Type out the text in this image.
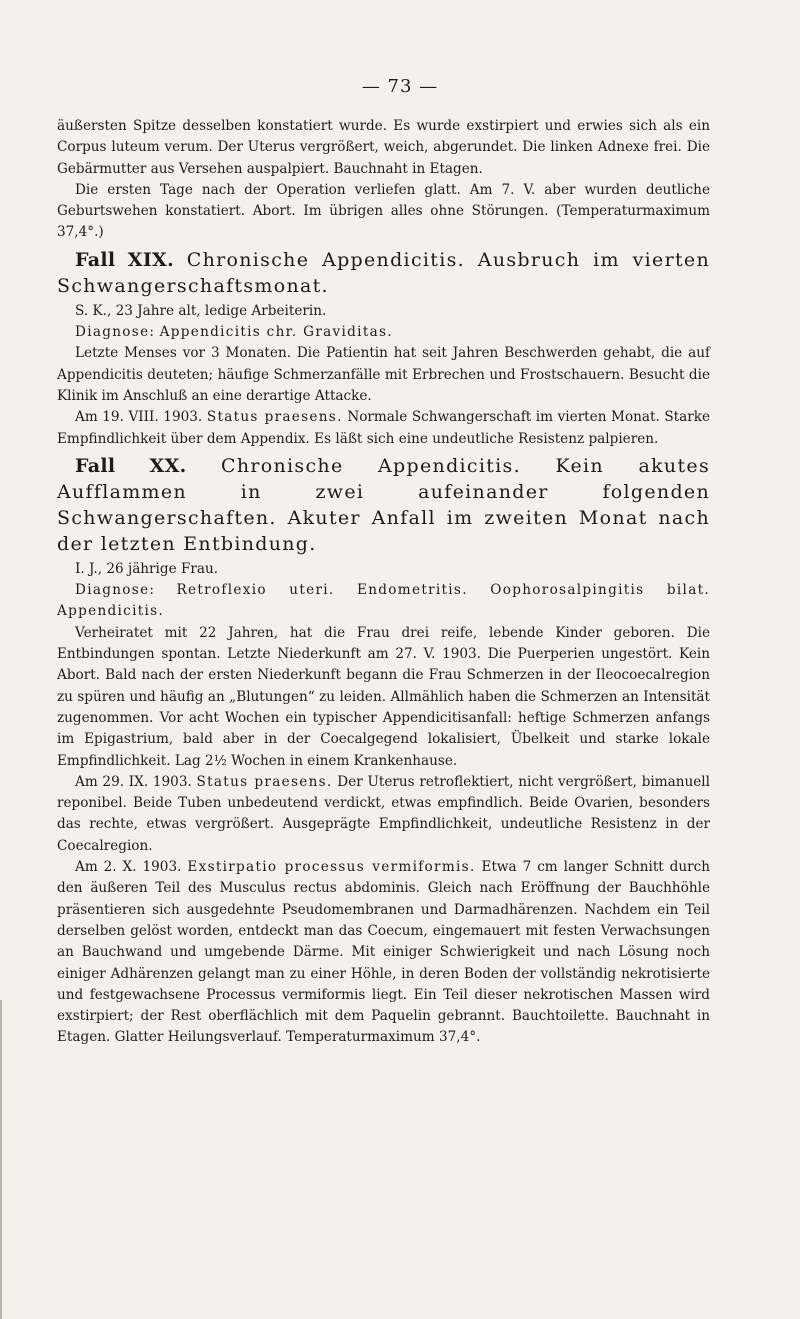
— 73 —

äußersten Spitze desselben konstatiert wurde. Es wurde exstirpiert und erwies sich als ein Corpus luteum verum. Der Uterus vergrößert, weich, abgerundet. Die linken Adnexe frei. Die Gebärmutter aus Versehen auspalpiert. Bauchnaht in Etagen.

Die ersten Tage nach der Operation verliefen glatt. Am 7. V. aber wurden deutliche Geburtswehen konstatiert. Abort. Im übrigen alles ohne Störungen. (Temperaturmaximum 37,4°.)

Fall XIX. Chronische Appendicitis. Ausbruch im vierten Schwangerschaftsmonat.

S. K., 23 Jahre alt, ledige Arbeiterin.

Diagnose: Appendicitis chr. Graviditas.

Letzte Menses vor 3 Monaten. Die Patientin hat seit Jahren Beschwerden gehabt, die auf Appendicitis deuteten; häufige Schmerzanfälle mit Erbrechen und Frostschauern. Besucht die Klinik im Anschluß an eine derartige Attacke.

Am 19. VIII. 1903. Status praesens. Normale Schwangerschaft im vierten Monat. Starke Empfindlichkeit über dem Appendix. Es läßt sich eine undeutliche Resistenz palpieren.

Fall XX. Chronische Appendicitis. Kein akutes Aufflammen in zwei aufeinander folgenden Schwangerschaften. Akuter Anfall im zweiten Monat nach der letzten Entbindung.

I. J., 26 jährige Frau.

Diagnose: Retroflexio uteri. Endometritis. Oophorosalpingitis bilat. Appendicitis.

Verheiratet mit 22 Jahren, hat die Frau drei reife, lebende Kinder geboren. Die Entbindungen spontan. Letzte Niederkunft am 27. V. 1903. Die Puerperien ungestört. Kein Abort. Bald nach der ersten Niederkunft begann die Frau Schmerzen in der Ileocoecalregion zu spüren und häufig an „Blutungen“ zu leiden. Allmählich haben die Schmerzen an Intensität zugenommen. Vor acht Wochen ein typischer Appendicitisanfall: heftige Schmerzen anfangs im Epigastrium, bald aber in der Coecalgegend lokalisiert, Übelkeit und starke lokale Empfindlichkeit. Lag 2½ Wochen in einem Krankenhause.

Am 29. IX. 1903. Status praesens. Der Uterus retroflektiert, nicht vergrößert, bimanuell reponibel. Beide Tuben unbedeutend verdickt, etwas empfindlich. Beide Ovarien, besonders das rechte, etwas vergrößert. Ausgeprägte Empfindlichkeit, undeutliche Resistenz in der Coecalregion.

Am 2. X. 1903. Exstirpatio processus vermiformis. Etwa 7 cm langer Schnitt durch den äußeren Teil des Musculus rectus abdominis. Gleich nach Eröffnung der Bauchhöhle präsentieren sich ausgedehnte Pseudomembranen und Darmadhärenzen. Nachdem ein Teil derselben gelöst worden, entdeckt man das Coecum, eingemauert mit festen Verwachsungen an Bauchwand und umgebende Därme. Mit einiger Schwierigkeit und nach Lösung noch einiger Adhärenzen gelangt man zu einer Höhle, in deren Boden der vollständig nekrotisierte und festgewachsene Processus vermiformis liegt. Ein Teil dieser nekrotischen Massen wird exstirpiert; der Rest oberflächlich mit dem Paquelin gebrannt. Bauchtoilette. Bauchnaht in Etagen. Glatter Heilungsverlauf. Temperaturmaximum 37,4°.
